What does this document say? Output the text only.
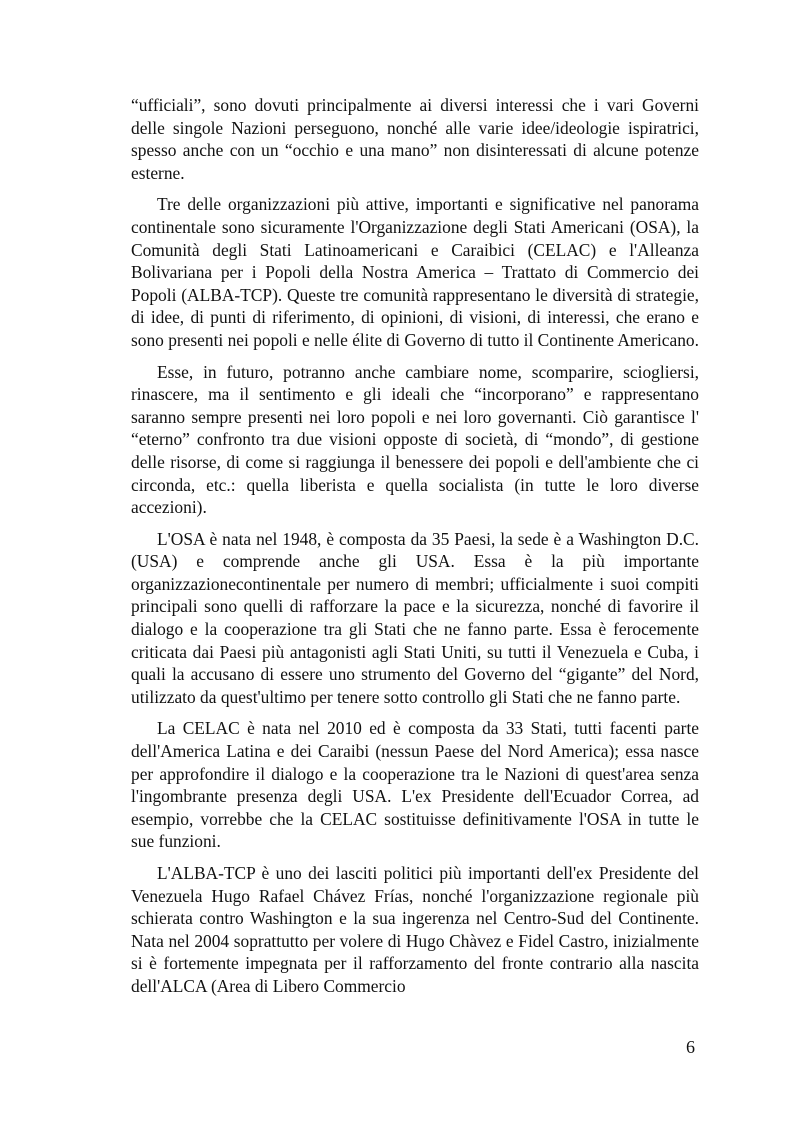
“ufficiali”, sono dovuti principalmente ai diversi interessi che i vari Governi delle singole Nazioni perseguono, nonché alle varie idee/ideologie ispiratrici, spesso anche con un “occhio e una mano” non disinteressati di alcune potenze esterne.

Tre delle organizzazioni più attive, importanti e significative nel panorama continentale sono sicuramente l'Organizzazione degli Stati Americani (OSA), la Comunità degli Stati Latinoamericani e Caraibici (CELAC) e l'Alleanza Bolivariana per i Popoli della Nostra America – Trattato di Commercio dei Popoli (ALBA-TCP). Queste tre comunità rappresentano le diversità di strategie, di idee, di punti di riferimento, di opinioni, di visioni, di interessi, che erano e sono presenti nei popoli e nelle élite di Governo di tutto il Continente Americano.

Esse, in futuro, potranno anche cambiare nome, scomparire, sciogliersi, rinascere, ma il sentimento e gli ideali che “incorporano” e rappresentano saranno sempre presenti nei loro popoli e nei loro governanti. Ciò garantisce l' “eterno” confronto tra due visioni opposte di società, di “mondo”, di gestione delle risorse, di come si raggiunga il benessere dei popoli e dell'ambiente che ci circonda, etc.: quella liberista e quella socialista (in tutte le loro diverse accezioni).

L'OSA è nata nel 1948, è composta da 35 Paesi, la sede è a Washington D.C. (USA) e comprende anche gli USA. Essa è la più importante organizzazionecontinentale per numero di membri; ufficialmente i suoi compiti principali sono quelli di rafforzare la pace e la sicurezza, nonché di favorire il dialogo e la cooperazione tra gli Stati che ne fanno parte. Essa è ferocemente criticata dai Paesi più antagonisti agli Stati Uniti, su tutti il Venezuela e Cuba, i quali la accusano di essere uno strumento del Governo del “gigante” del Nord, utilizzato da quest'ultimo per tenere sotto controllo gli Stati che ne fanno parte.

La CELAC è nata nel 2010 ed è composta da 33 Stati, tutti facenti parte dell'America Latina e dei Caraibi (nessun Paese del Nord America); essa nasce per approfondire il dialogo e la cooperazione tra le Nazioni di quest'area senza l'ingombrante presenza degli USA. L'ex Presidente dell'Ecuador Correa, ad esempio, vorrebbe che la CELAC sostituisse definitivamente l'OSA in tutte le sue funzioni.

L'ALBA-TCP è uno dei lasciti politici più importanti dell'ex Presidente del Venezuela Hugo Rafael Chávez Frías, nonché l'organizzazione regionale più schierata contro Washington e la sua ingerenza nel Centro-Sud del Continente. Nata nel 2004 soprattutto per volere di Hugo Chàvez e Fidel Castro, inizialmente si è fortemente impegnata per il rafforzamento del fronte contrario alla nascita dell'ALCA (Area di Libero Commercio

6
